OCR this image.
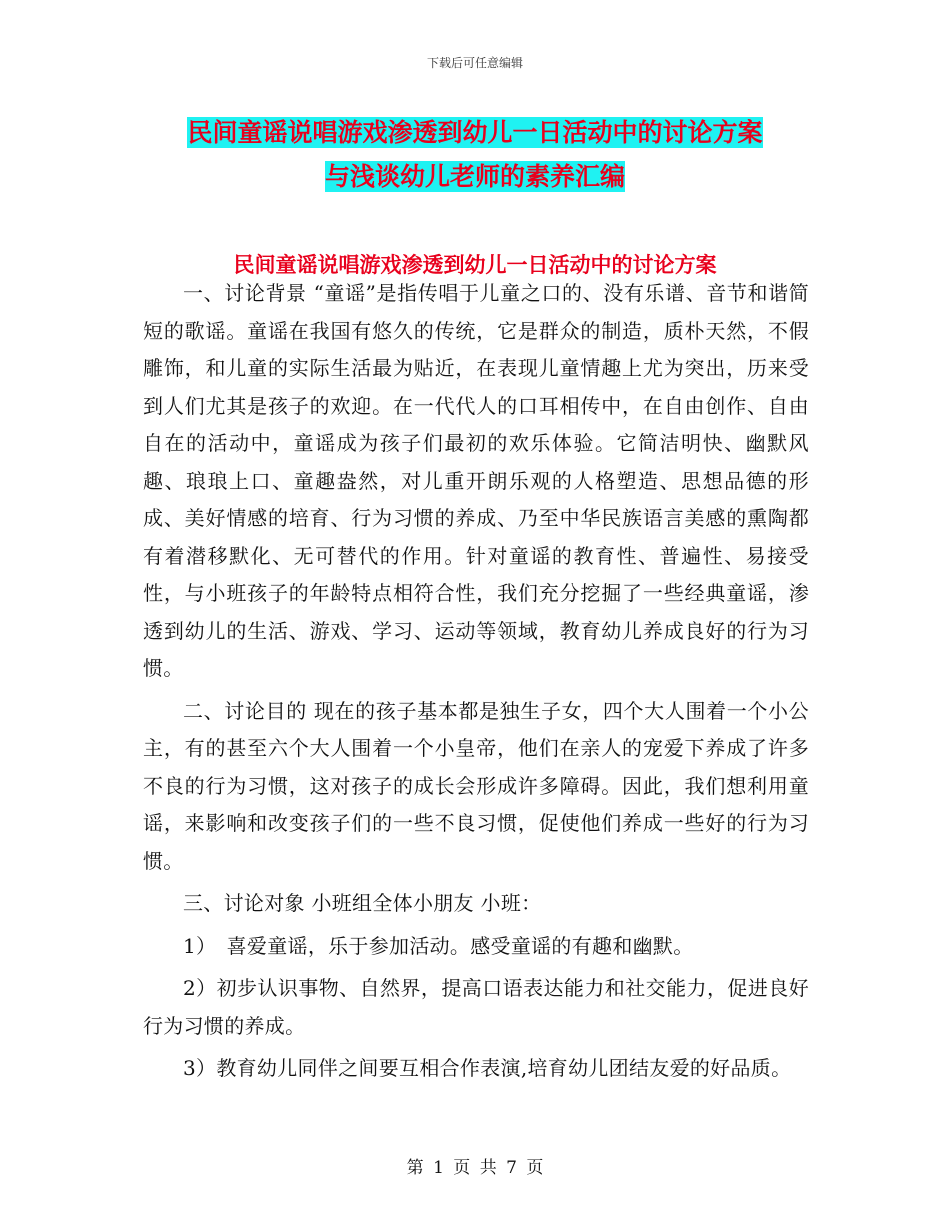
下载后可任意编辑
民间童谣说唱游戏渗透到幼儿一日活动中的讨论方案
与浅谈幼儿老师的素养汇编
民间童谣说唱游戏渗透到幼儿一日活动中的讨论方案

一、讨论背景 “童谣”是指传唱于儿童之口的、没有乐谱、音节和谐简短的歌谣。童谣在我国有悠久的传统，它是群众的制造，质朴天然，不假雕饰，和儿童的实际生活最为贴近，在表现儿童情趣上尤为突出，历来受到人们尤其是孩子的欢迎。在一代代人的口耳相传中，在自由创作、自由自在的活动中，童谣成为孩子们最初的欢乐体验。它简洁明快、幽默风趣、琅琅上口、童趣盎然，对儿重开朗乐观的人格塑造、思想品德的形成、美好情感的培育、行为习惯的养成、乃至中华民族语言美感的熏陶都有着潜移默化、无可替代的作用。针对童谣的教育性、普遍性、易接受性，与小班孩子的年龄特点相符合性，我们充分挖掘了一些经典童谣，渗透到幼儿的生活、游戏、学习、运动等领域，教育幼儿养成良好的行为习惯。

二、讨论目的 现在的孩子基本都是独生子女，四个大人围着一个小公主，有的甚至六个大人围着一个小皇帝，他们在亲人的宠爱下养成了许多不良的行为习惯，这对孩子的成长会形成许多障碍。因此，我们想利用童谣，来影响和改变孩子们的一些不良习惯，促使他们养成一些好的行为习惯。

三、讨论对象 小班组全体小朋友 小班：

1）　喜爱童谣，乐于参加活动。感受童谣的有趣和幽默。

2）初步认识事物、自然界，提高口语表达能力和社交能力，促进良好行为习惯的养成。

3）教育幼儿同伴之间要互相合作表演,培育幼儿团结友爱的好品质。

第 1 页 共 7 页
